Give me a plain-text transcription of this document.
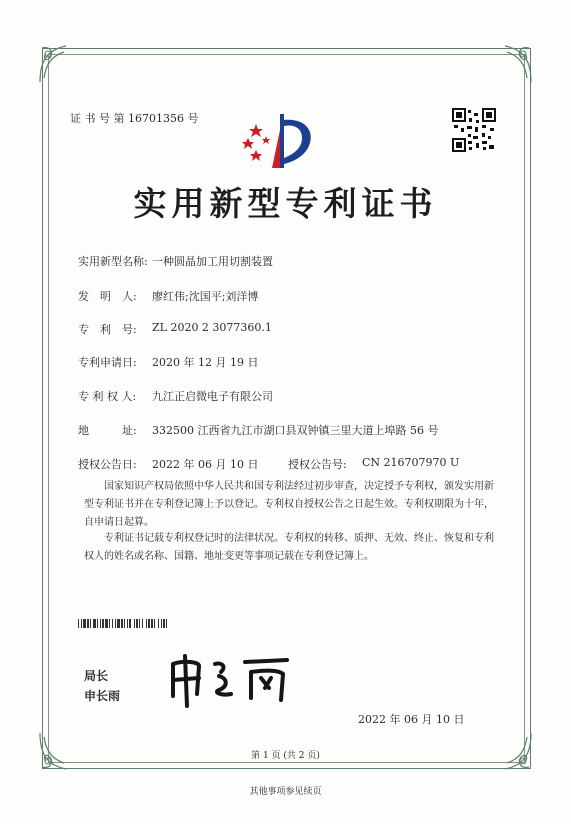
证 书 号 第 16701356 号
实用新型专利证书
实用新型名称: 一种圆晶加工用切割装置
发　明　人: 廖红伟;沈国平;刘洋博
专　利　号: ZL 2020 2 3077360.1
专利申请日: 2020 年 12 月 19 日
专 利 权 人: 九江正启微电子有限公司
地　　　址: 332500 江西省九江市湖口县双钟镇三里大道上埠路 56 号
授权公告日: 2022 年 06 月 10 日	授权公告号: CN 216707970 U
国家知识产权局依照中华人民共和国专利法经过初步审查，决定授予专利权，颁发实用新型专利证书并在专利登记簿上予以登记。专利权自授权公告之日起生效。专利权期限为十年，自申请日起算。
专利证书记载专利权登记时的法律状况。专利权的转移、质押、无效、终止、恢复和专利权人的姓名或名称、国籍、地址变更等事项记载在专利登记簿上。
局长
申长雨
2022 年 06 月 10 日
第 1 页 (共 2 页)
其他事项参见续页
